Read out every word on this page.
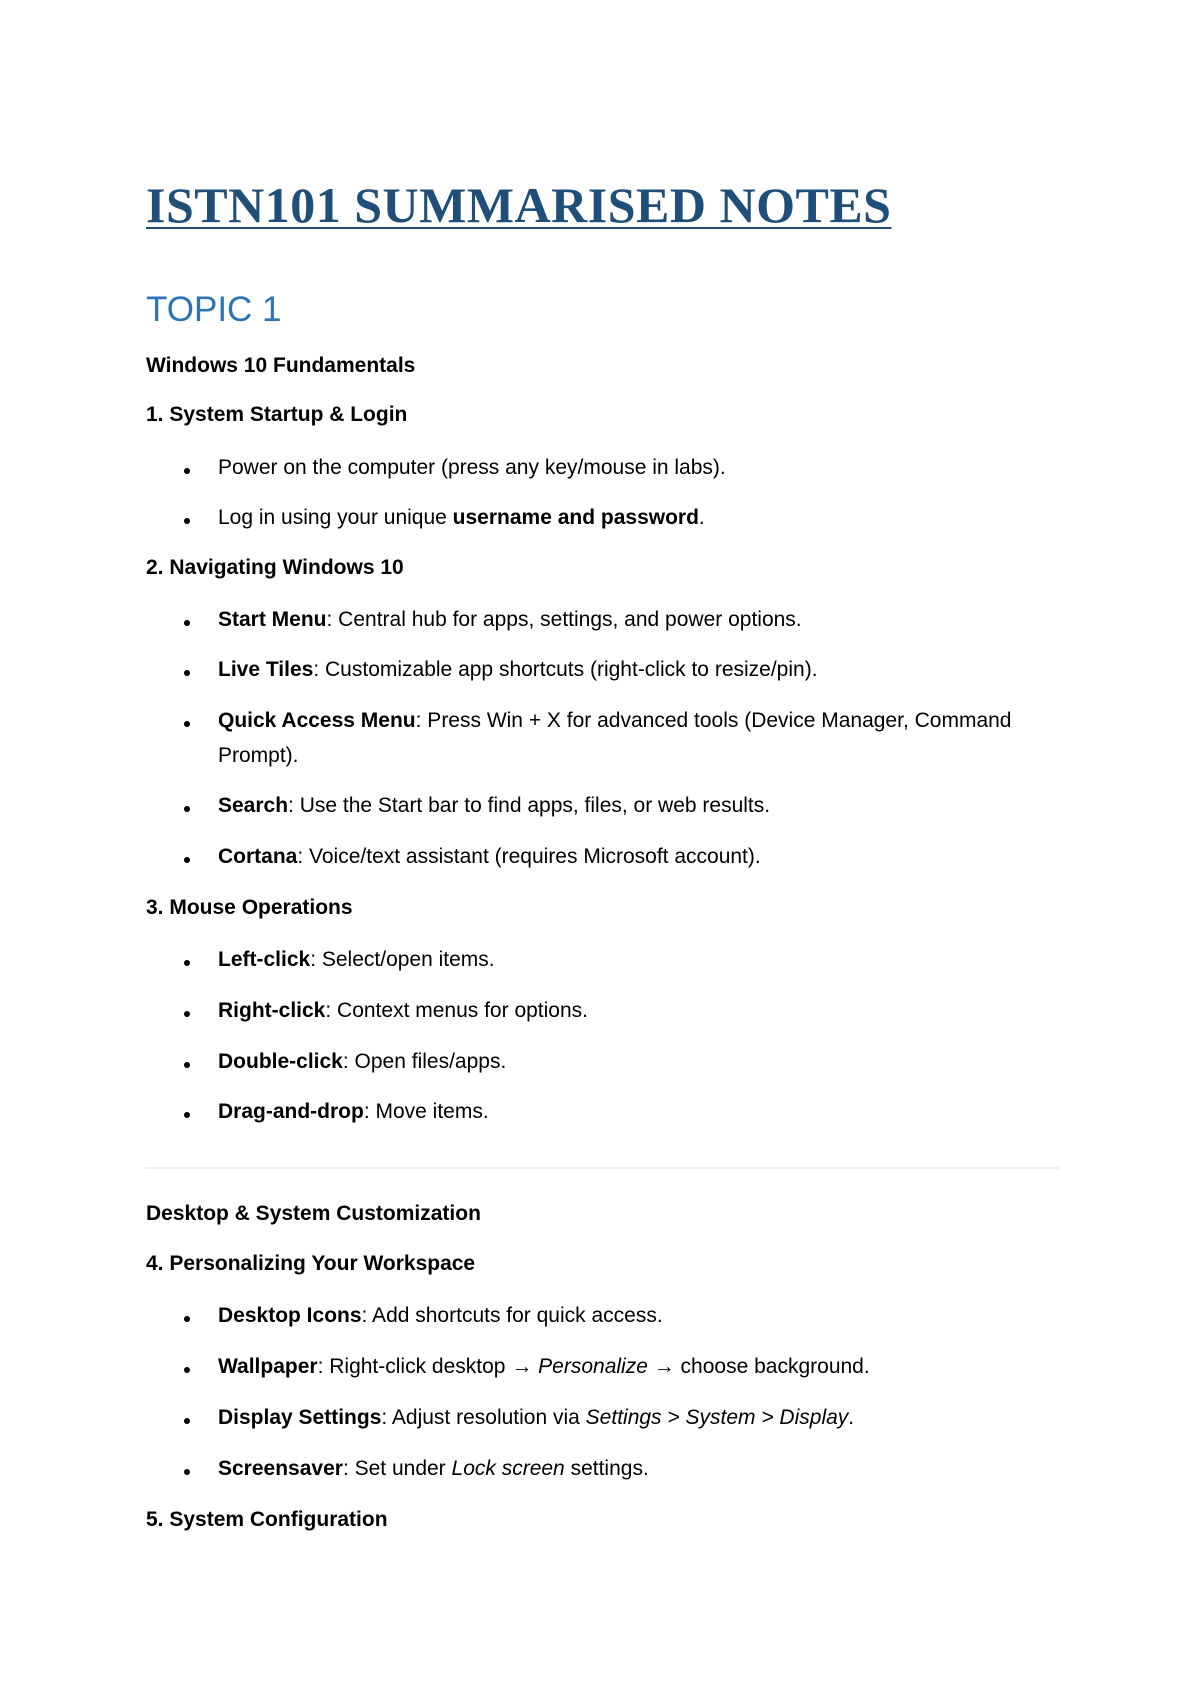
ISTN101 SUMMARISED NOTES
TOPIC 1
Windows 10 Fundamentals
1. System Startup & Login
Power on the computer (press any key/mouse in labs).
Log in using your unique username and password.
2. Navigating Windows 10
Start Menu: Central hub for apps, settings, and power options.
Live Tiles: Customizable app shortcuts (right-click to resize/pin).
Quick Access Menu: Press Win + X for advanced tools (Device Manager, Command
Prompt).
Search: Use the Start bar to find apps, files, or web results.
Cortana: Voice/text assistant (requires Microsoft account).
3. Mouse Operations
Left-click: Select/open items.
Right-click: Context menus for options.
Double-click: Open files/apps.
Drag-and-drop: Move items.
Desktop & System Customization
4. Personalizing Your Workspace
Desktop Icons: Add shortcuts for quick access.
Wallpaper: Right-click desktop → Personalize → choose background.
Display Settings: Adjust resolution via Settings > System > Display.
Screensaver: Set under Lock screen settings.
5. System Configuration
